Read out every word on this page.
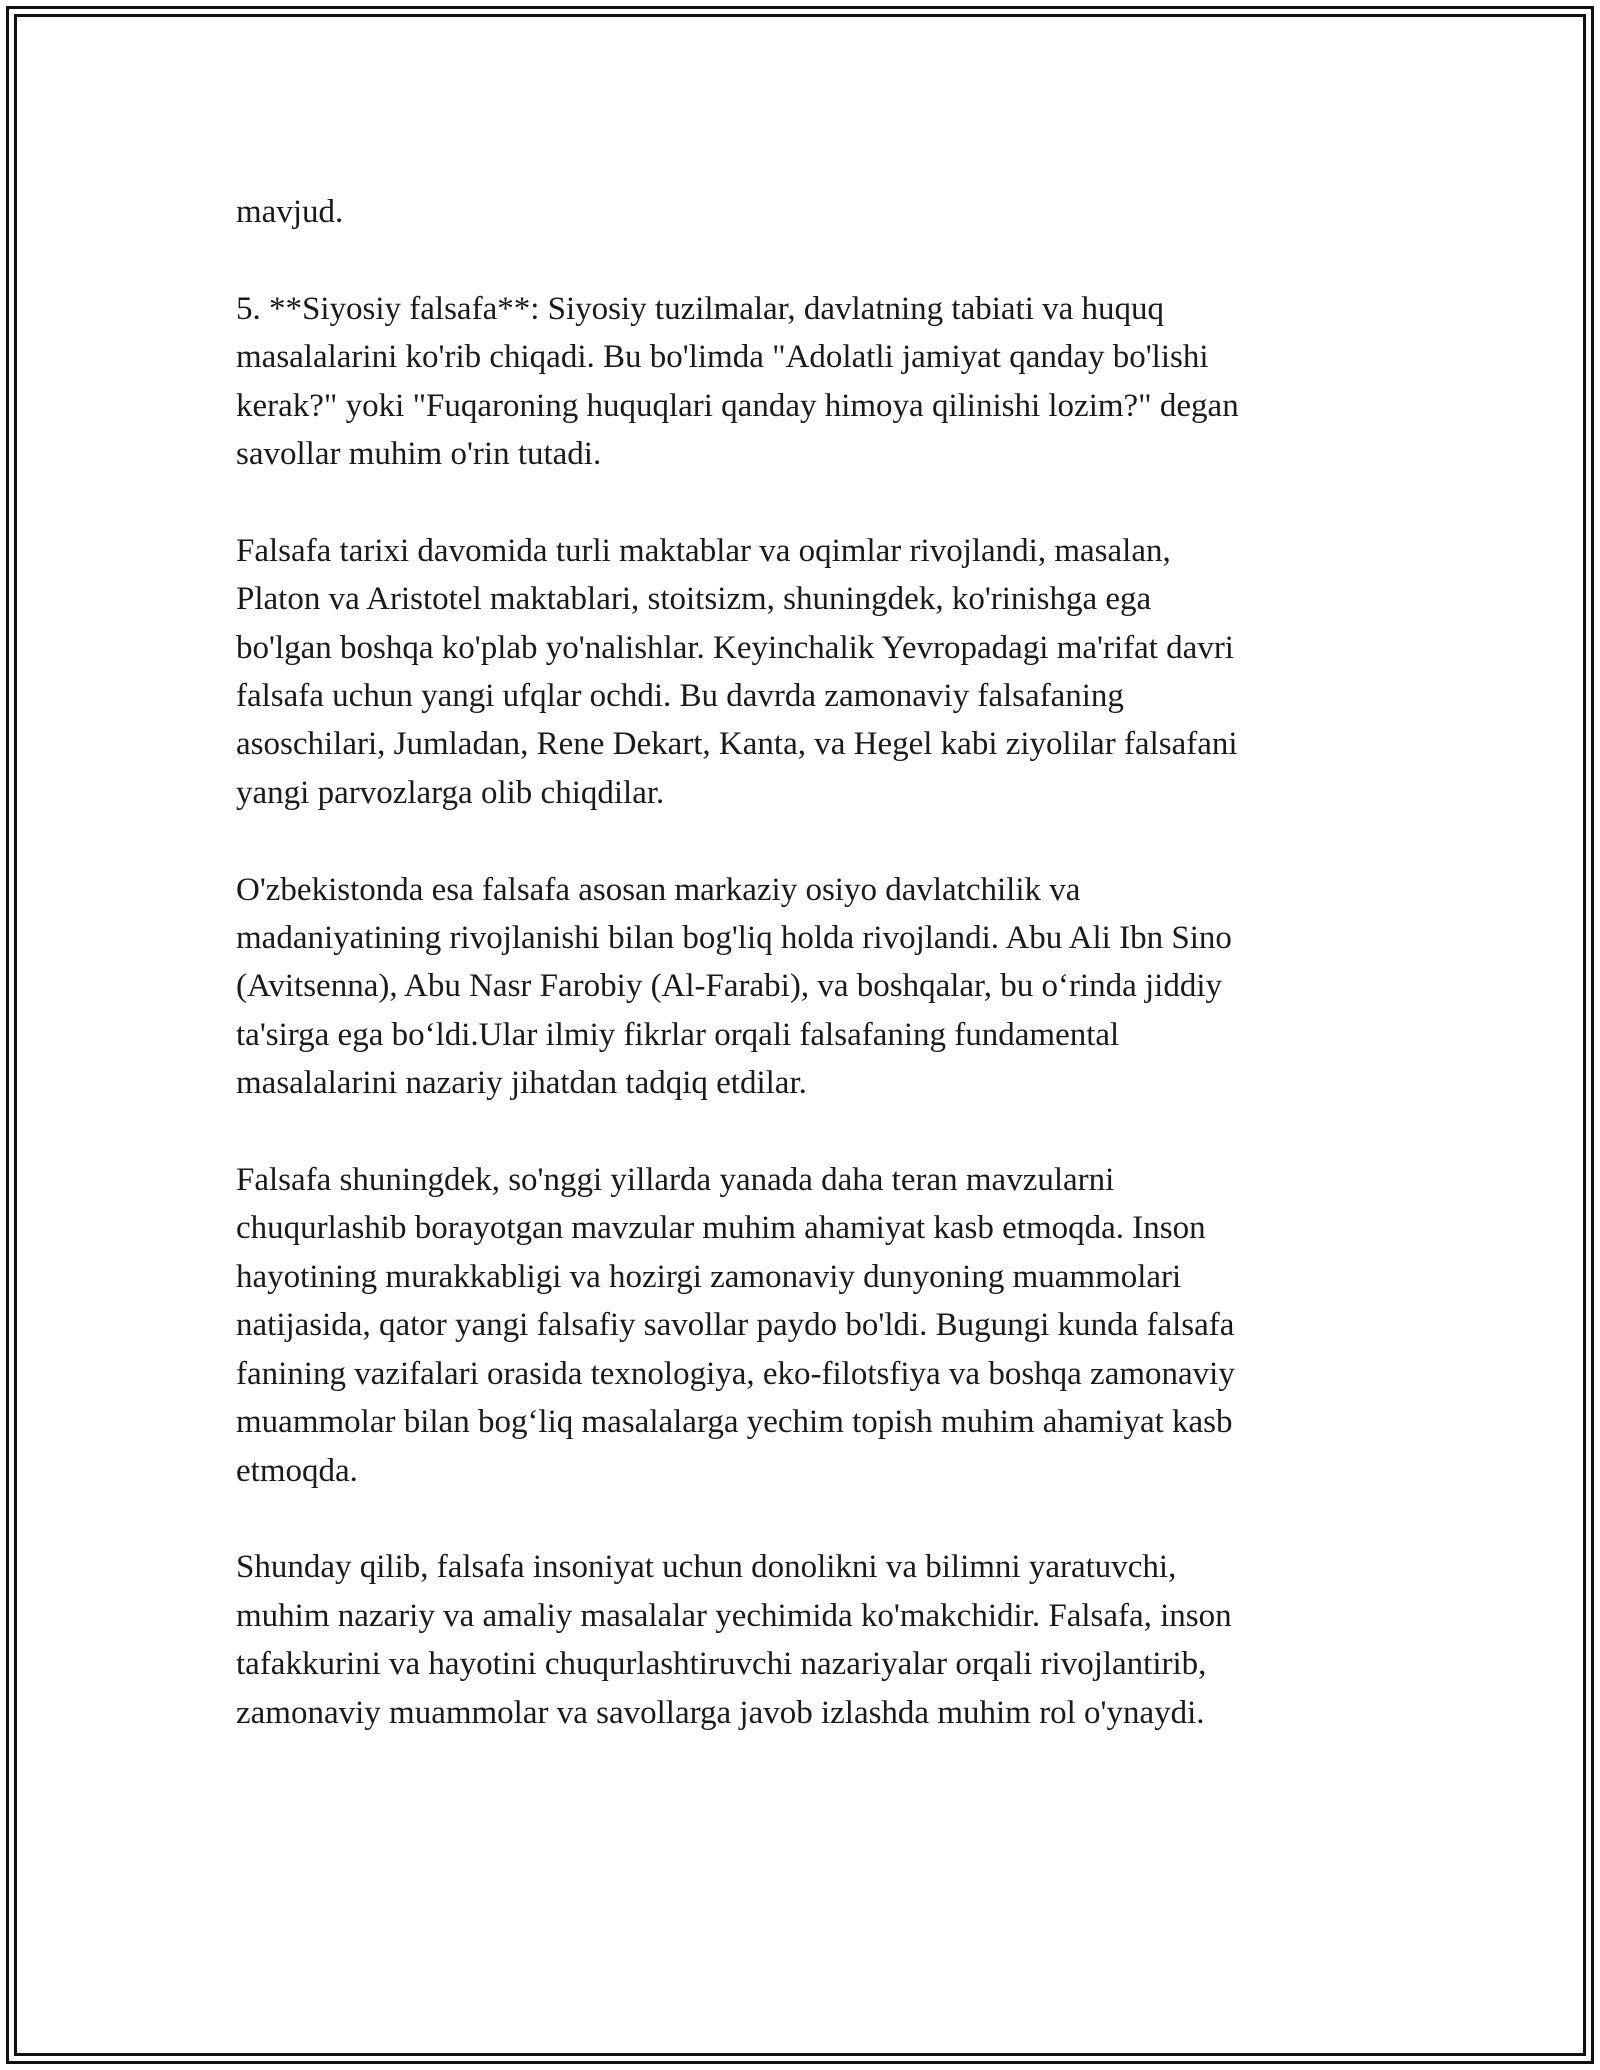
mavjud.

5. **Siyosiy falsafa**: Siyosiy tuzilmalar, davlatning tabiati va huquq
masalalarini ko'rib chiqadi. Bu bo'limda "Adolatli jamiyat qanday bo'lishi
kerak?" yoki "Fuqaroning huquqlari qanday himoya qilinishi lozim?" degan
savollar muhim o'rin tutadi.

Falsafa tarixi davomida turli maktablar va oqimlar rivojlandi, masalan,
Platon va Aristotel maktablari, stoitsizm, shuningdek, ko'rinishga ega
bo'lgan boshqa ko'plab yo'nalishlar. Keyinchalik Yevropadagi ma'rifat davri
falsafa uchun yangi ufqlar ochdi. Bu davrda zamonaviy falsafaning
asoschilari, Jumladan, Rene Dekart, Kanta, va Hegel kabi ziyolilar falsafani
yangi parvozlarga olib chiqdilar.

O'zbekistonda esa falsafa asosan markaziy osiyo davlatchilik va
madaniyatining rivojlanishi bilan bog'liq holda rivojlandi. Abu Ali Ibn Sino
(Avitsenna), Abu Nasr Farobiy (Al-Farabi), va boshqalar, bu o‘rinda jiddiy
ta'sirga ega bo‘ldi.Ular ilmiy fikrlar orqali falsafaning fundamental
masalalarini nazariy jihatdan tadqiq etdilar.

Falsafa shuningdek, so'nggi yillarda yanada daha teran mavzularni
chuqurlashib borayotgan mavzular muhim ahamiyat kasb etmoqda. Inson
hayotining murakkabligi va hozirgi zamonaviy dunyoning muammolari
natijasida, qator yangi falsafiy savollar paydo bo'ldi. Bugungi kunda falsafa
fanining vazifalari orasida texnologiya, eko-filotsfiya va boshqa zamonaviy
muammolar bilan bog‘liq masalalarga yechim topish muhim ahamiyat kasb
etmoqda.

Shunday qilib, falsafa insoniyat uchun donolikni va bilimni yaratuvchi,
muhim nazariy va amaliy masalalar yechimida ko'makchidir. Falsafa, inson
tafakkurini va hayotini chuqurlashtiruvchi nazariyalar orqali rivojlantirib,
zamonaviy muammolar va savollarga javob izlashda muhim rol o'ynaydi.
